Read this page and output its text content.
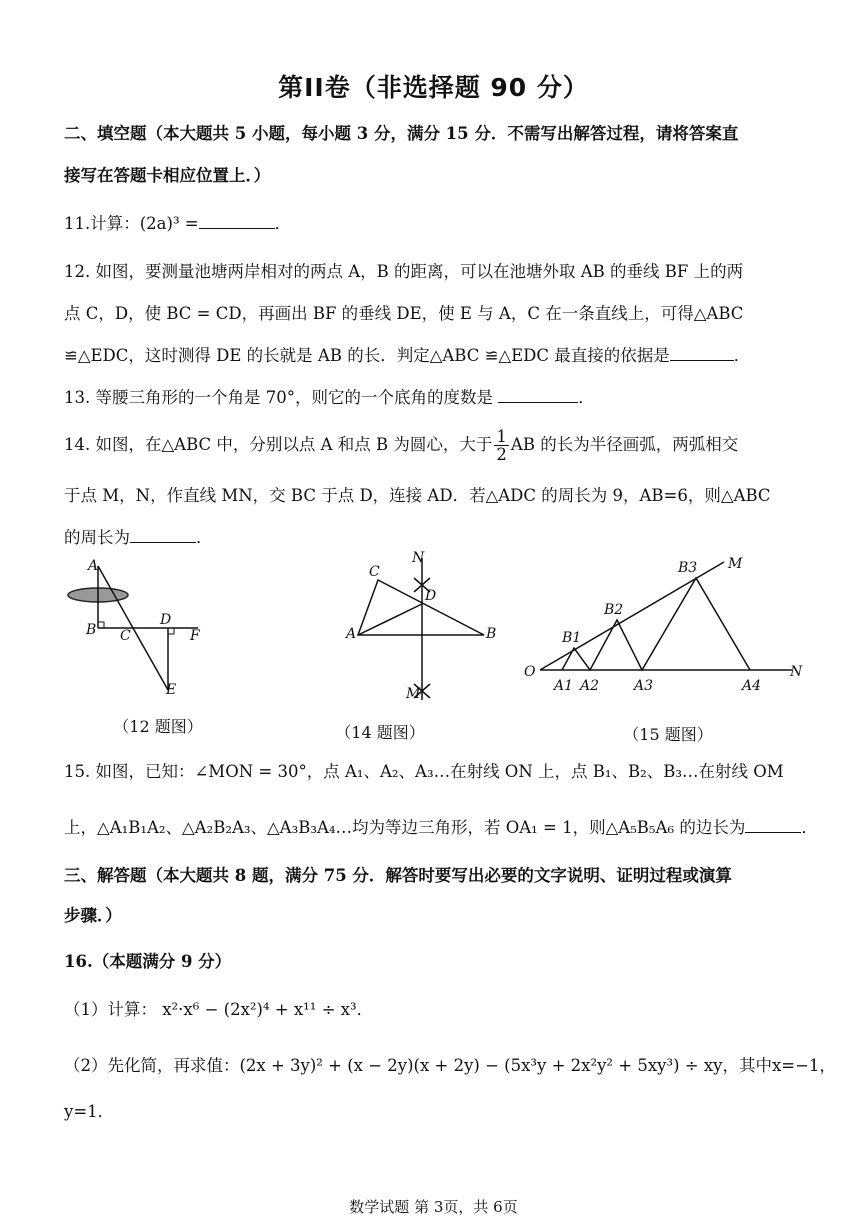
第II卷（非选择题 90 分）
二、填空题（本大题共 5 小题，每小题 3 分，满分 15 分．不需写出解答过程，请将答案直
接写在答题卡相应位置上．）
11.计算：(2a)³ =	．
12. 如图，要测量池塘两岸相对的两点 A，B 的距离，可以在池塘外取 AB 的垂线 BF 上的两
点 C，D，使 BC = CD，再画出 BF 的垂线 DE，使 E 与 A，C 在一条直线上，可得△ABC
≌△EDC，这时测得 DE 的长就是 AB 的长．判定△ABC ≌△EDC 最直接的依据是	．
13. 等腰三角形的一个角是 70°，则它的一个底角的度数是	．
14. 如图，在△ABC 中，分别以点 A 和点 B 为圆心，大于 $\frac{1}{2}$ AB 的长为半径画弧，两弧相交
于点 M，N，作直线 MN，交 BC 于点 D，连接 AD．若△ADC 的周长为 9，AB=6，则△ABC
的周长为	．
A
B C
D
F
E
（12 题图）
N
C
D
A	B
M
（14 题图）
O
A1 A2 A3	A4
B1
B2
B3 M
N
（15 题图）
15. 如图，已知：∠MON = 30°，点 A₁、A₂、A₃…在射线 ON 上，点 B₁、B₂、B₃…在射线 OM
上，△A₁B₁A₂、△A₂B₂A₃、△A₃B₃A₄…均为等边三角形，若 OA₁ = 1，则△A₅B₅A₆ 的边长为	．
三、解答题（本大题共 8 题，满分 75 分．解答时要写出必要的文字说明、证明过程或演算
步骤．）
16.（本题满分 9 分）
（1）计算： x²·x⁶ − (2x²)⁴ + x¹¹ ÷ x³．
（2）先化简，再求值：(2x + 3y)² + (x − 2y)(x + 2y) − (5x³y + 2x²y² + 5xy³) ÷ xy，其中x=−1，
y=1．
数学试题 第 3页，共 6页
